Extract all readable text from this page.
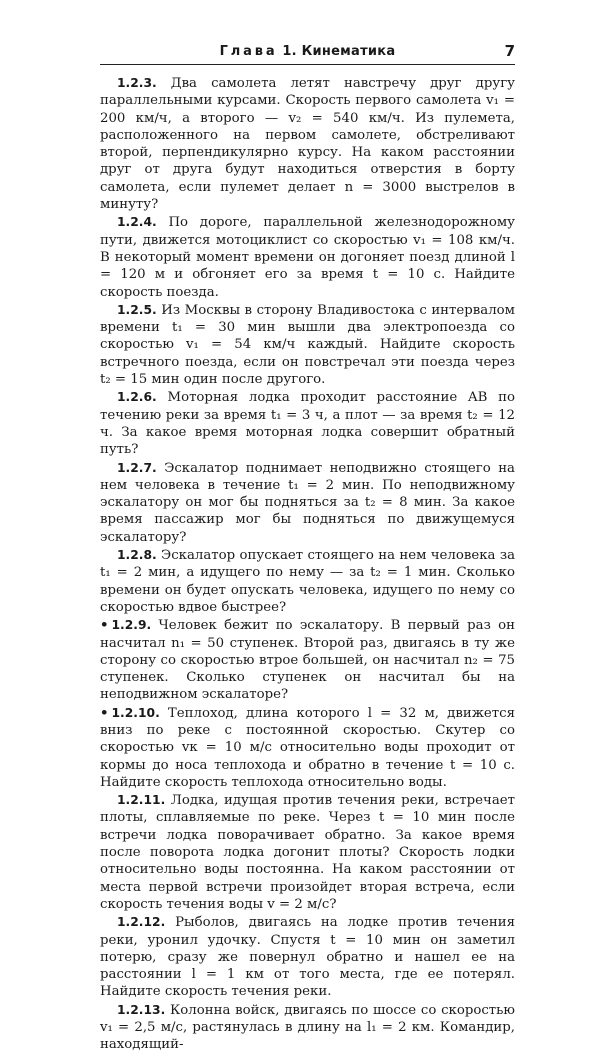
Глава 1. Кинематика	7

1.2.3. Два самолета летят навстречу друг другу параллельными курсами. Скорость первого самолета v₁ = 200 км/ч, а второго — v₂ = 540 км/ч. Из пулемета, расположенного на первом самолете, обстреливают второй, перпендикулярно курсу. На каком расстоянии друг от друга будут находиться отверстия в борту самолета, если пулемет делает n = 3000 выстрелов в минуту?

1.2.4. По дороге, параллельной железнодорожному пути, движется мотоциклист со скоростью v₁ = 108 км/ч. В некоторый момент времени он догоняет поезд длиной l = 120 м и обгоняет его за время t = 10 с. Найдите скорость поезда.

1.2.5. Из Москвы в сторону Владивостока с интервалом времени t₁ = 30 мин вышли два электропоезда со скоростью v₁ = 54 км/ч каждый. Найдите скорость встречного поезда, если он повстречал эти поезда через t₂ = 15 мин один после другого.

1.2.6. Моторная лодка проходит расстояние AB по течению реки за время t₁ = 3 ч, а плот — за время t₂ = 12 ч. За какое время моторная лодка совершит обратный путь?

1.2.7. Эскалатор поднимает неподвижно стоящего на нем человека в течение t₁ = 2 мин. По неподвижному эскалатору он мог бы подняться за t₂ = 8 мин. За какое время пассажир мог бы подняться по движущемуся эскалатору?

1.2.8. Эскалатор опускает стоящего на нем человека за t₁ = 2 мин, а идущего по нему — за t₂ = 1 мин. Сколько времени он будет опускать человека, идущего по нему со скоростью вдвое быстрее?

• 1.2.9. Человек бежит по эскалатору. В первый раз он насчитал n₁ = 50 ступенек. Второй раз, двигаясь в ту же сторону со скоростью втрое большей, он насчитал n₂ = 75 ступенек. Сколько ступенек он насчитал бы на неподвижном эскалаторе?

• 1.2.10. Теплоход, длина которого l = 32 м, движется вниз по реке с постоянной скоростью. Скутер со скоростью vк = 10 м/с относительно воды проходит от кормы до носа теплохода и обратно в течение t = 10 с. Найдите скорость теплохода относительно воды.

1.2.11. Лодка, идущая против течения реки, встречает плоты, сплавляемые по реке. Через t = 10 мин после встречи лодка поворачивает обратно. За какое время после поворота лодка догонит плоты? Скорость лодки относительно воды постоянна. На каком расстоянии от места первой встречи произойдет вторая встреча, если скорость течения воды v = 2 м/с?

1.2.12. Рыболов, двигаясь на лодке против течения реки, уронил удочку. Спустя t = 10 мин он заметил потерю, сразу же повернул обратно и нашел ее на расстоянии l = 1 км от того места, где ее потерял. Найдите скорость течения реки.

1.2.13. Колонна войск, двигаясь по шоссе со скоростью v₁ = 2,5 м/с, растянулась в длину на l₁ = 2 км. Командир, находящий-
